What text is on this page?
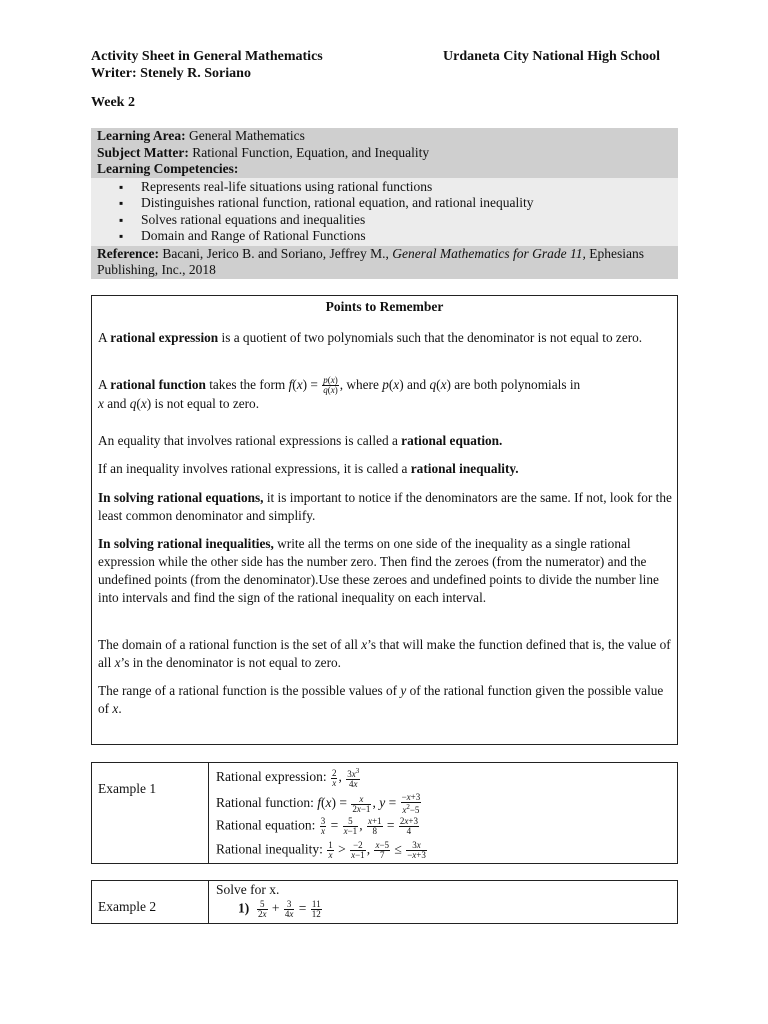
Activity Sheet in General Mathematics
Writer: Stenely R. Soriano
Urdaneta City National High School
Week 2
Learning Area: General Mathematics
Subject Matter: Rational Function, Equation, and Inequality
Learning Competencies:
▪ Represents real-life situations using rational functions
▪ Distinguishes rational function, rational equation, and rational inequality
▪ Solves rational equations and inequalities
▪ Domain and Range of Rational Functions
Reference: Bacani, Jerico B. and Soriano, Jeffrey M., General Mathematics for Grade 11, Ephesians Publishing, Inc., 2018
Points to Remember

A rational expression is a quotient of two polynomials such that the denominator is not equal to zero.

A rational function takes the form $f(x) = \frac{p(x)}{q(x)}$ , where p(x) and q(x) are both polynomials in
x and q(x) is not equal to zero.

An equality that involves rational expressions is called a rational equation.

If an inequality involves rational expressions, it is called a rational inequality.

In solving rational equations, it is important to notice if the denominators are the same. If not, look for the least common denominator and simplify.

In solving rational inequalities, write all the terms on one side of the inequality as a single rational expression while the other side has the number zero. Then find the zeroes (from the numerator) and the undefined points (from the denominator).Use these zeroes and undefined points to divide the number line into intervals and find the sign of the rational inequality on each interval.

The domain of a rational function is the set of all x’s that will make the function defined that is, the value of all x’s in the denominator is not equal to zero.

The range of a rational function is the possible values of y of the rational function given the possible value of x.

Example 1
Rational expression: $\frac{2}{x}$ , $\frac{3x^3}{4x}$
Rational function: $f(x) = \frac{x}{2x-1}$ , $y = \frac{-x+3}{x^2-5}$
Rational equation: $\frac{3}{x} = \frac{5}{x-1}$ , $\frac{x+1}{8} = \frac{2x+3}{4}$
Rational inequality: $\frac{1}{x} > \frac{-2}{x-1}$ , $\frac{x-5}{7} \le \frac{3x}{-x+3}$
Example 2
Solve for x.
$1) \frac{5}{2x} + \frac{3}{4x} = \frac{11}{12}$
